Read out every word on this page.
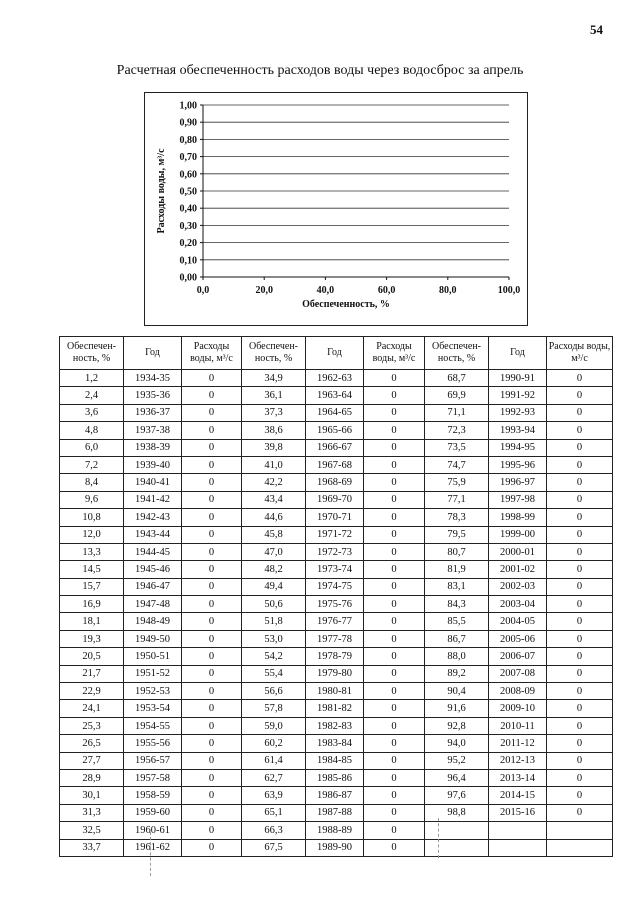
54
Расчетная обеспеченность расходов воды через водосброс за апрель
0,00
0,10
0,20
0,30
0,40
0,50
0,60
0,70
0,80
0,90
1,00
0,0	20,0	40,0	60,0	80,0	100,0
Обеспеченность, %
Расходы воды, м³/с
Обеспечен-ность, %	Год	Расходы воды, м³/с	Обеспечен-ность, %	Год	Расходы воды, м³/с	Обеспечен-ность, %	Год	Расходы воды, м³/с
1,2	1934-35	0	34,9	1962-63	0	68,7	1990-91	0
2,4	1935-36	0	36,1	1963-64	0	69,9	1991-92	0
3,6	1936-37	0	37,3	1964-65	0	71,1	1992-93	0
4,8	1937-38	0	38,6	1965-66	0	72,3	1993-94	0
6,0	1938-39	0	39,8	1966-67	0	73,5	1994-95	0
7,2	1939-40	0	41,0	1967-68	0	74,7	1995-96	0
8,4	1940-41	0	42,2	1968-69	0	75,9	1996-97	0
9,6	1941-42	0	43,4	1969-70	0	77,1	1997-98	0
10,8	1942-43	0	44,6	1970-71	0	78,3	1998-99	0
12,0	1943-44	0	45,8	1971-72	0	79,5	1999-00	0
13,3	1944-45	0	47,0	1972-73	0	80,7	2000-01	0
14,5	1945-46	0	48,2	1973-74	0	81,9	2001-02	0
15,7	1946-47	0	49,4	1974-75	0	83,1	2002-03	0
16,9	1947-48	0	50,6	1975-76	0	84,3	2003-04	0
18,1	1948-49	0	51,8	1976-77	0	85,5	2004-05	0
19,3	1949-50	0	53,0	1977-78	0	86,7	2005-06	0
20,5	1950-51	0	54,2	1978-79	0	88,0	2006-07	0
21,7	1951-52	0	55,4	1979-80	0	89,2	2007-08	0
22,9	1952-53	0	56,6	1980-81	0	90,4	2008-09	0
24,1	1953-54	0	57,8	1981-82	0	91,6	2009-10	0
25,3	1954-55	0	59,0	1982-83	0	92,8	2010-11	0
26,5	1955-56	0	60,2	1983-84	0	94,0	2011-12	0
27,7	1956-57	0	61,4	1984-85	0	95,2	2012-13	0
28,9	1957-58	0	62,7	1985-86	0	96,4	2013-14	0
30,1	1958-59	0	63,9	1986-87	0	97,6	2014-15	0
31,3	1959-60	0	65,1	1987-88	0	98,8	2015-16	0
32,5	1960-61	0	66,3	1988-89	0			
33,7	1961-62	0	67,5	1989-90	0			
